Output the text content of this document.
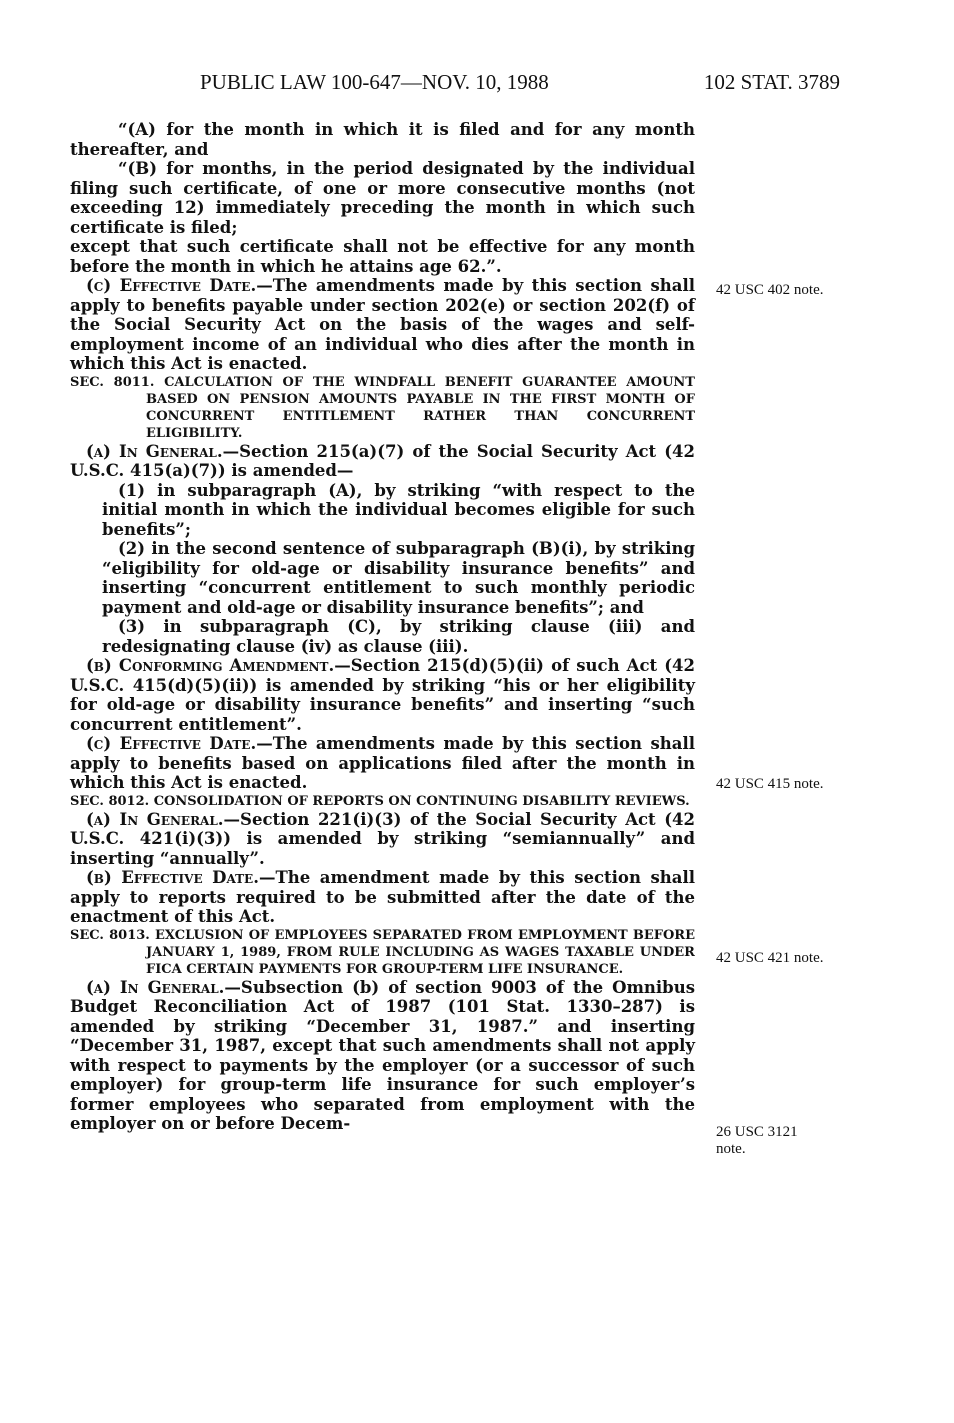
PUBLIC LAW 100-647—NOV. 10, 1988	102 STAT. 3789

“(A) for the month in which it is filed and for any month thereafter, and

“(B) for months, in the period designated by the individual filing such certificate, of one or more consecutive months (not exceeding 12) immediately preceding the month in which such certificate is filed;

except that such certificate shall not be effective for any month before the month in which he attains age 62.”.

(c) Effective Date.—The amendments made by this section shall apply to benefits payable under section 202(e) or section 202(f) of the Social Security Act on the basis of the wages and self-employment income of an individual who dies after the month in which this Act is enacted.

SEC. 8011. CALCULATION OF THE WINDFALL BENEFIT GUARANTEE AMOUNT BASED ON PENSION AMOUNTS PAYABLE IN THE FIRST MONTH OF CONCURRENT ENTITLEMENT RATHER THAN CONCURRENT ELIGIBILITY.

(a) In General.—Section 215(a)(7) of the Social Security Act (42 U.S.C. 415(a)(7)) is amended—

(1) in subparagraph (A), by striking “with respect to the initial month in which the individual becomes eligible for such benefits”;

(2) in the second sentence of subparagraph (B)(i), by striking “eligibility for old-age or disability insurance benefits” and inserting “concurrent entitlement to such monthly periodic payment and old-age or disability insurance benefits”; and

(3) in subparagraph (C), by striking clause (iii) and redesignating clause (iv) as clause (iii).

(b) Conforming Amendment.—Section 215(d)(5)(ii) of such Act (42 U.S.C. 415(d)(5)(ii)) is amended by striking “his or her eligibility for old-age or disability insurance benefits” and inserting “such concurrent entitlement”.

(c) Effective Date.—The amendments made by this section shall apply to benefits based on applications filed after the month in which this Act is enacted.

SEC. 8012. CONSOLIDATION OF REPORTS ON CONTINUING DISABILITY REVIEWS.

(a) In General.—Section 221(i)(3) of the Social Security Act (42 U.S.C. 421(i)(3)) is amended by striking “semiannually” and inserting “annually”.

(b) Effective Date.—The amendment made by this section shall apply to reports required to be submitted after the date of the enactment of this Act.

SEC. 8013. EXCLUSION OF EMPLOYEES SEPARATED FROM EMPLOYMENT BEFORE JANUARY 1, 1989, FROM RULE INCLUDING AS WAGES TAXABLE UNDER FICA CERTAIN PAYMENTS FOR GROUP-TERM LIFE INSURANCE.

(a) In General.—Subsection (b) of section 9003 of the Omnibus Budget Reconciliation Act of 1987 (101 Stat. 1330–287) is amended by striking “December 31, 1987.” and inserting “December 31, 1987, except that such amendments shall not apply with respect to payments by the employer (or a successor of such employer) for group-term life insurance for such employer’s former employees who separated from employment with the employer on or before Decem-

42 USC 402 note.
42 USC 415 note.
42 USC 421 note.
26 USC 3121 note.
